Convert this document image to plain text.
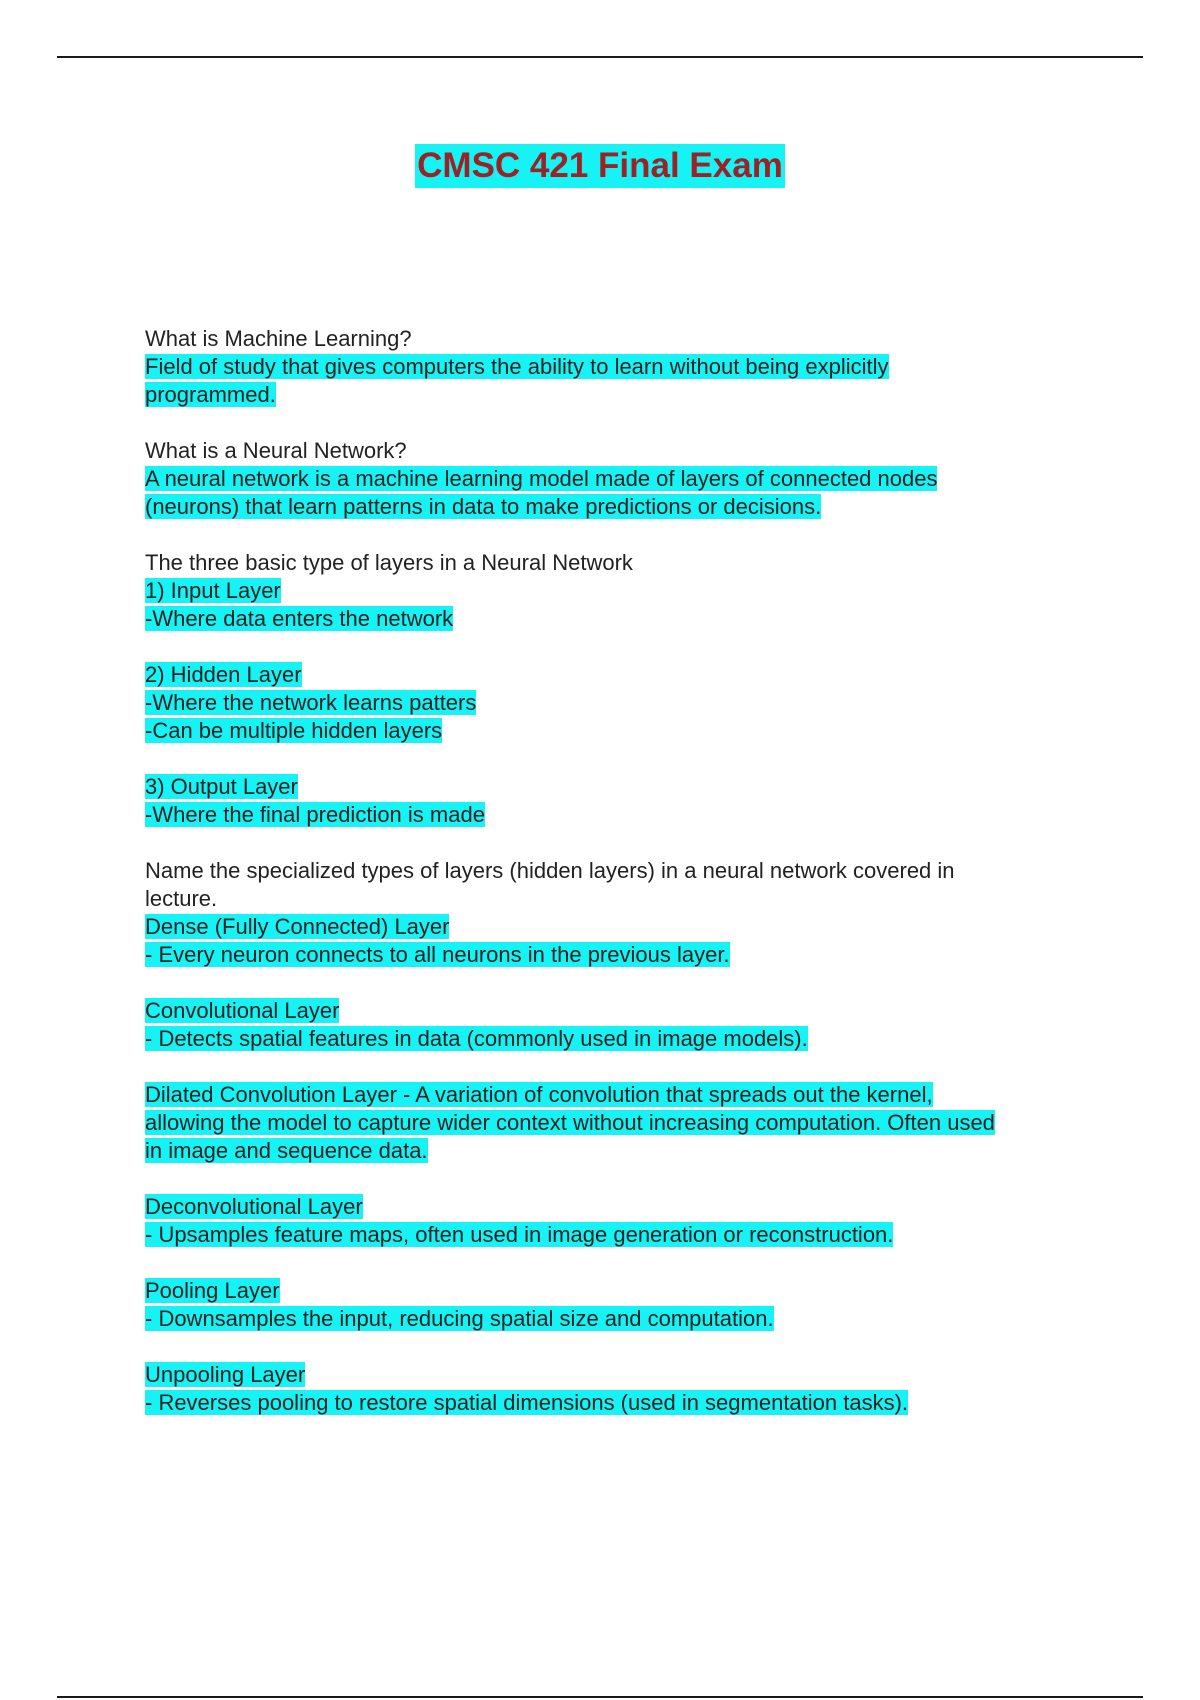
CMSC 421 Final Exam
What is Machine Learning?
Field of study that gives computers the ability to learn without being explicitly
programmed.
What is a Neural Network?
A neural network is a machine learning model made of layers of connected nodes
(neurons) that learn patterns in data to make predictions or decisions.
The three basic type of layers in a Neural Network
1) Input Layer
-Where data enters the network
2) Hidden Layer
-Where the network learns patters
-Can be multiple hidden layers
3) Output Layer
-Where the final prediction is made
Name the specialized types of layers (hidden layers) in a neural network covered in
lecture.
Dense (Fully Connected) Layer
- Every neuron connects to all neurons in the previous layer.
Convolutional Layer
- Detects spatial features in data (commonly used in image models).
Dilated Convolution Layer - A variation of convolution that spreads out the kernel,
allowing the model to capture wider context without increasing computation. Often used
in image and sequence data.
Deconvolutional Layer
- Upsamples feature maps, often used in image generation or reconstruction.
Pooling Layer
- Downsamples the input, reducing spatial size and computation.
Unpooling Layer
- Reverses pooling to restore spatial dimensions (used in segmentation tasks).
